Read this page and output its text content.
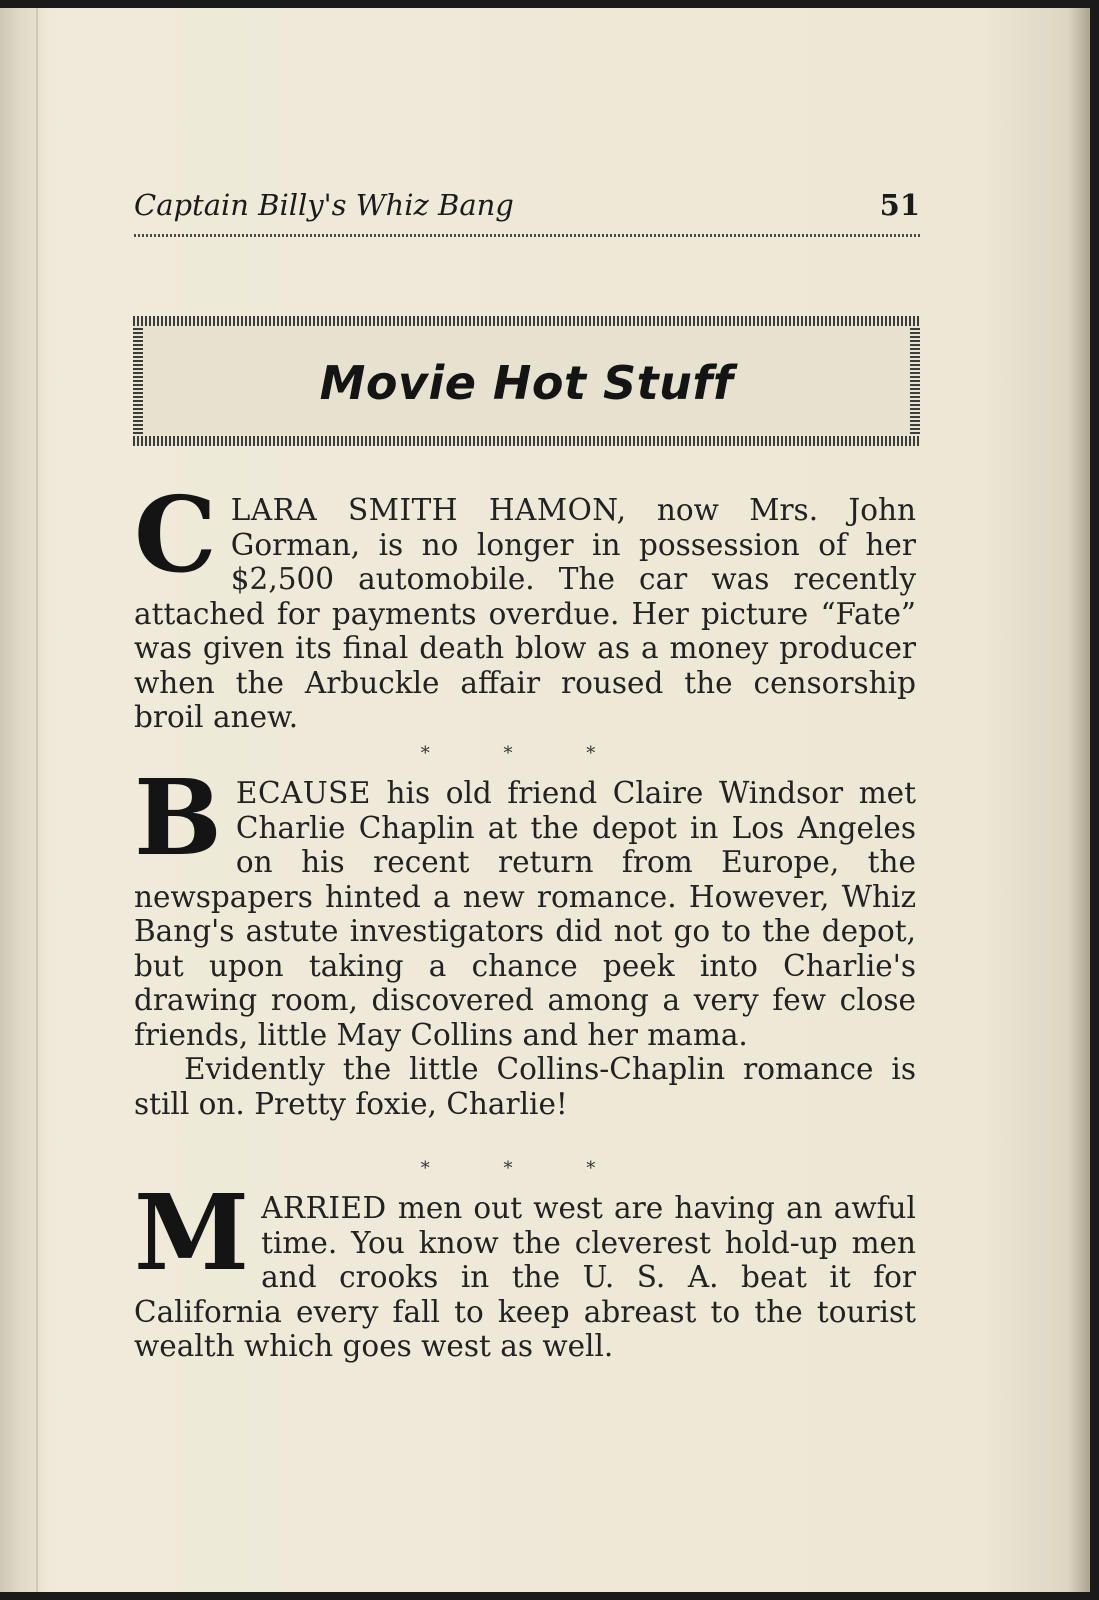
Captain Billy's Whiz Bang	51
Movie Hot Stuff

CLARA SMITH HAMON, now Mrs. John Gorman, is no longer in possession of her $2,500 automobile. The car was recently attached for payments overdue. Her picture “Fate” was given its final death blow as a money producer when the Arbuckle affair roused the censorship broil anew.

* * *

BECAUSE his old friend Claire Windsor met Charlie Chaplin at the depot in Los Angeles on his recent return from Europe, the newspapers hinted a new romance. However, Whiz Bang's astute investigators did not go to the depot, but upon taking a chance peek into Charlie's drawing room, discovered among a very few close friends, little May Collins and her mama.

Evidently the little Collins-Chaplin romance is still on. Pretty foxie, Charlie!

* * *

MARRIED men out west are having an awful time. You know the cleverest hold-up men and crooks in the U. S. A. beat it for California every fall to keep abreast to the tourist wealth which goes west as well.
